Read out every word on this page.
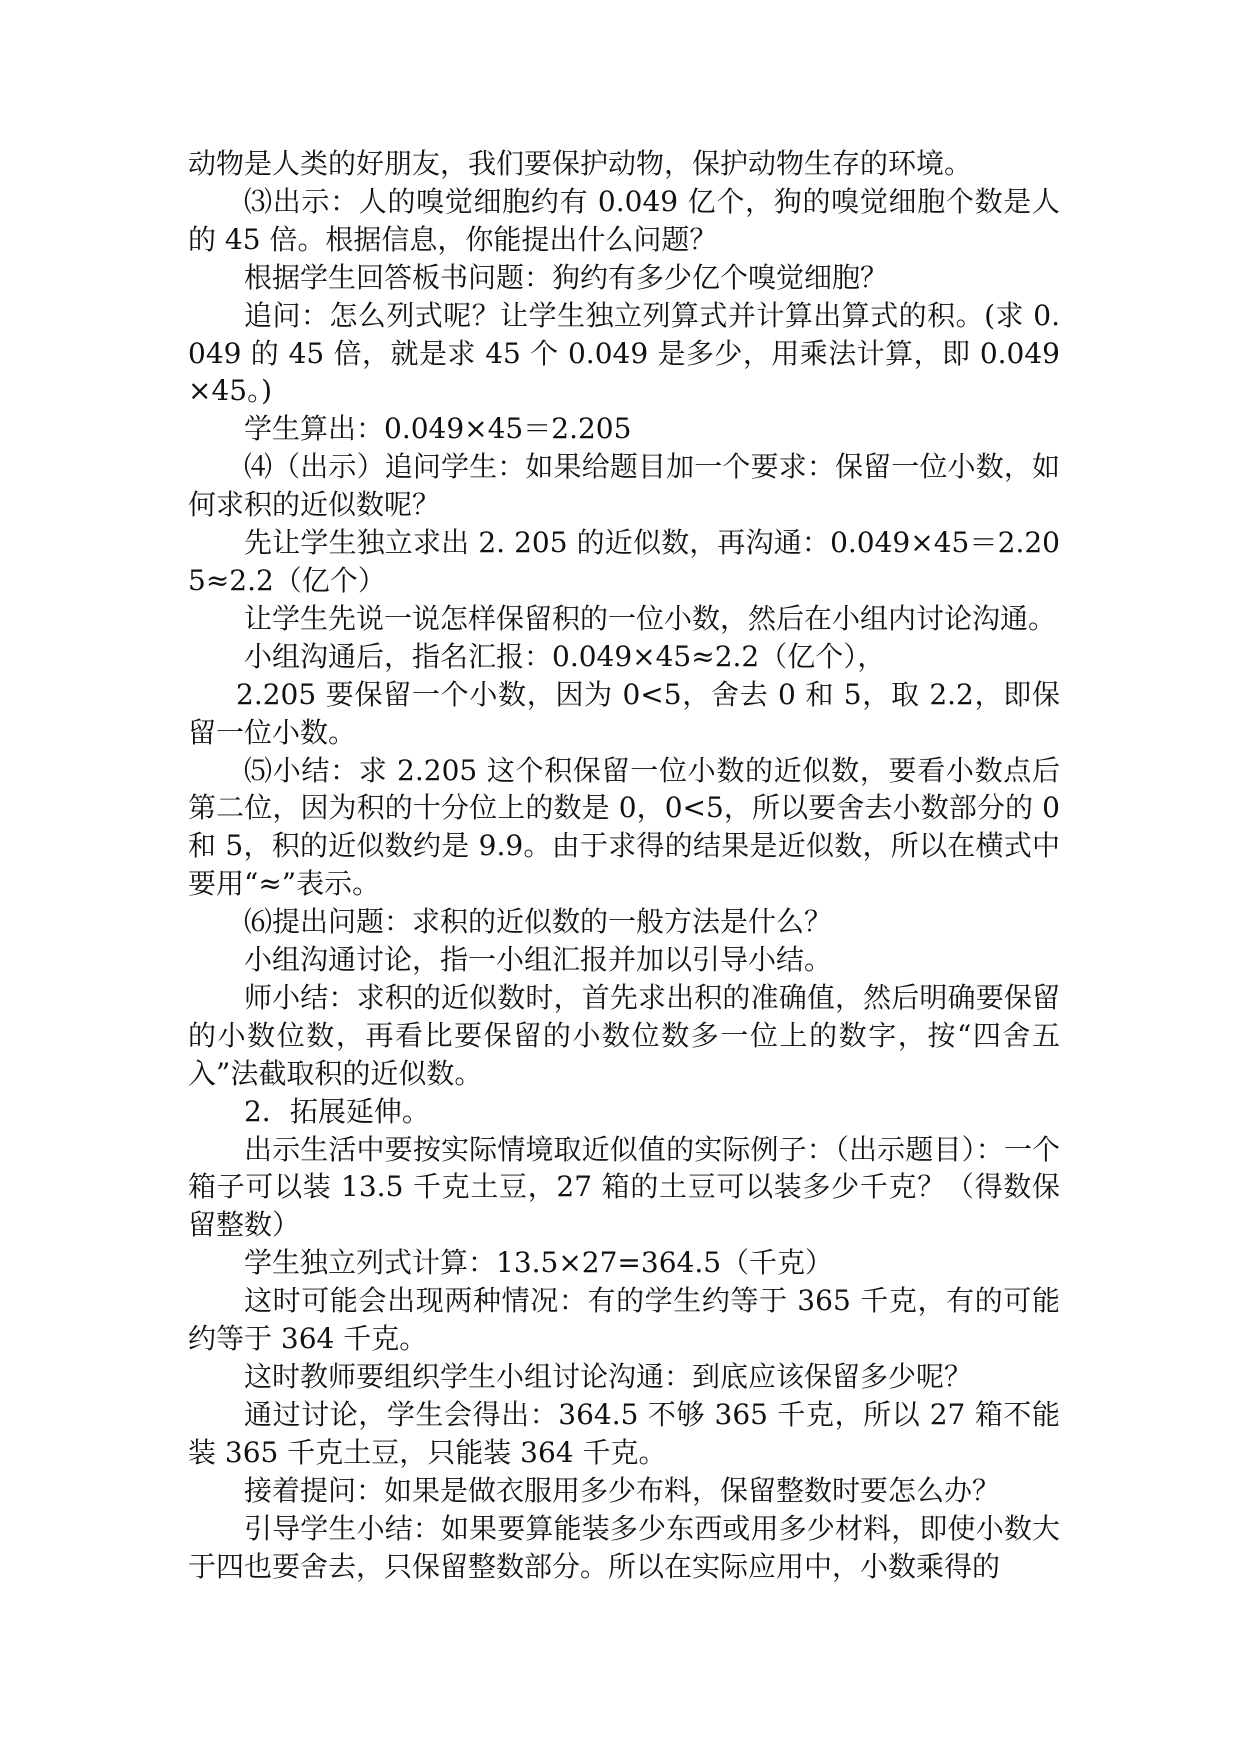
动物是人类的好朋友，我们要保护动物，保护动物生存的环境。

⑶出示：人的嗅觉细胞约有 0.049 亿个，狗的嗅觉细胞个数是人的 45 倍。根据信息，你能提出什么问题？

根据学生回答板书问题：狗约有多少亿个嗅觉细胞？

追问：怎么列式呢？让学生独立列算式并计算出算式的积。(求 0.049 的 45 倍，就是求 45 个 0.049 是多少，用乘法计算，即 0.049×45。)

学生算出：0.049×45＝2.205

⑷（出示）追问学生：如果给题目加一个要求：保留一位小数，如何求积的近似数呢？

先让学生独立求出 2. 205 的近似数，再沟通：0.049×45＝2.205≈2.2（亿个）

让学生先说一说怎样保留积的一位小数，然后在小组内讨论沟通。

小组沟通后，指名汇报：0.049×45≈2.2（亿个），

2.205 要保留一个小数，因为 0<5，舍去 0 和 5，取 2.2，即保留一位小数。

⑸小结：求 2.205 这个积保留一位小数的近似数，要看小数点后第二位，因为积的十分位上的数是 0，0<5，所以要舍去小数部分的 0 和 5，积的近似数约是 9.9。由于求得的结果是近似数，所以在横式中要用“≈”表示。

⑹提出问题：求积的近似数的一般方法是什么？

小组沟通讨论，指一小组汇报并加以引导小结。

师小结：求积的近似数时，首先求出积的准确值，然后明确要保留的小数位数，再看比要保留的小数位数多一位上的数字，按“四舍五入”法截取积的近似数。

2．拓展延伸。

出示生活中要按实际情境取近似值的实际例子：（出示题目）：一个箱子可以装 13.5 千克土豆，27 箱的土豆可以装多少千克？（得数保留整数）

学生独立列式计算：13.5×27=364.5（千克）

这时可能会出现两种情况：有的学生约等于 365 千克，有的可能约等于 364 千克。

这时教师要组织学生小组讨论沟通：到底应该保留多少呢？

通过讨论，学生会得出：364.5 不够 365 千克，所以 27 箱不能装 365 千克土豆，只能装 364 千克。

接着提问：如果是做衣服用多少布料，保留整数时要怎么办？

引导学生小结：如果要算能装多少东西或用多少材料，即使小数大于四也要舍去，只保留整数部分。所以在实际应用中，小数乘得的
